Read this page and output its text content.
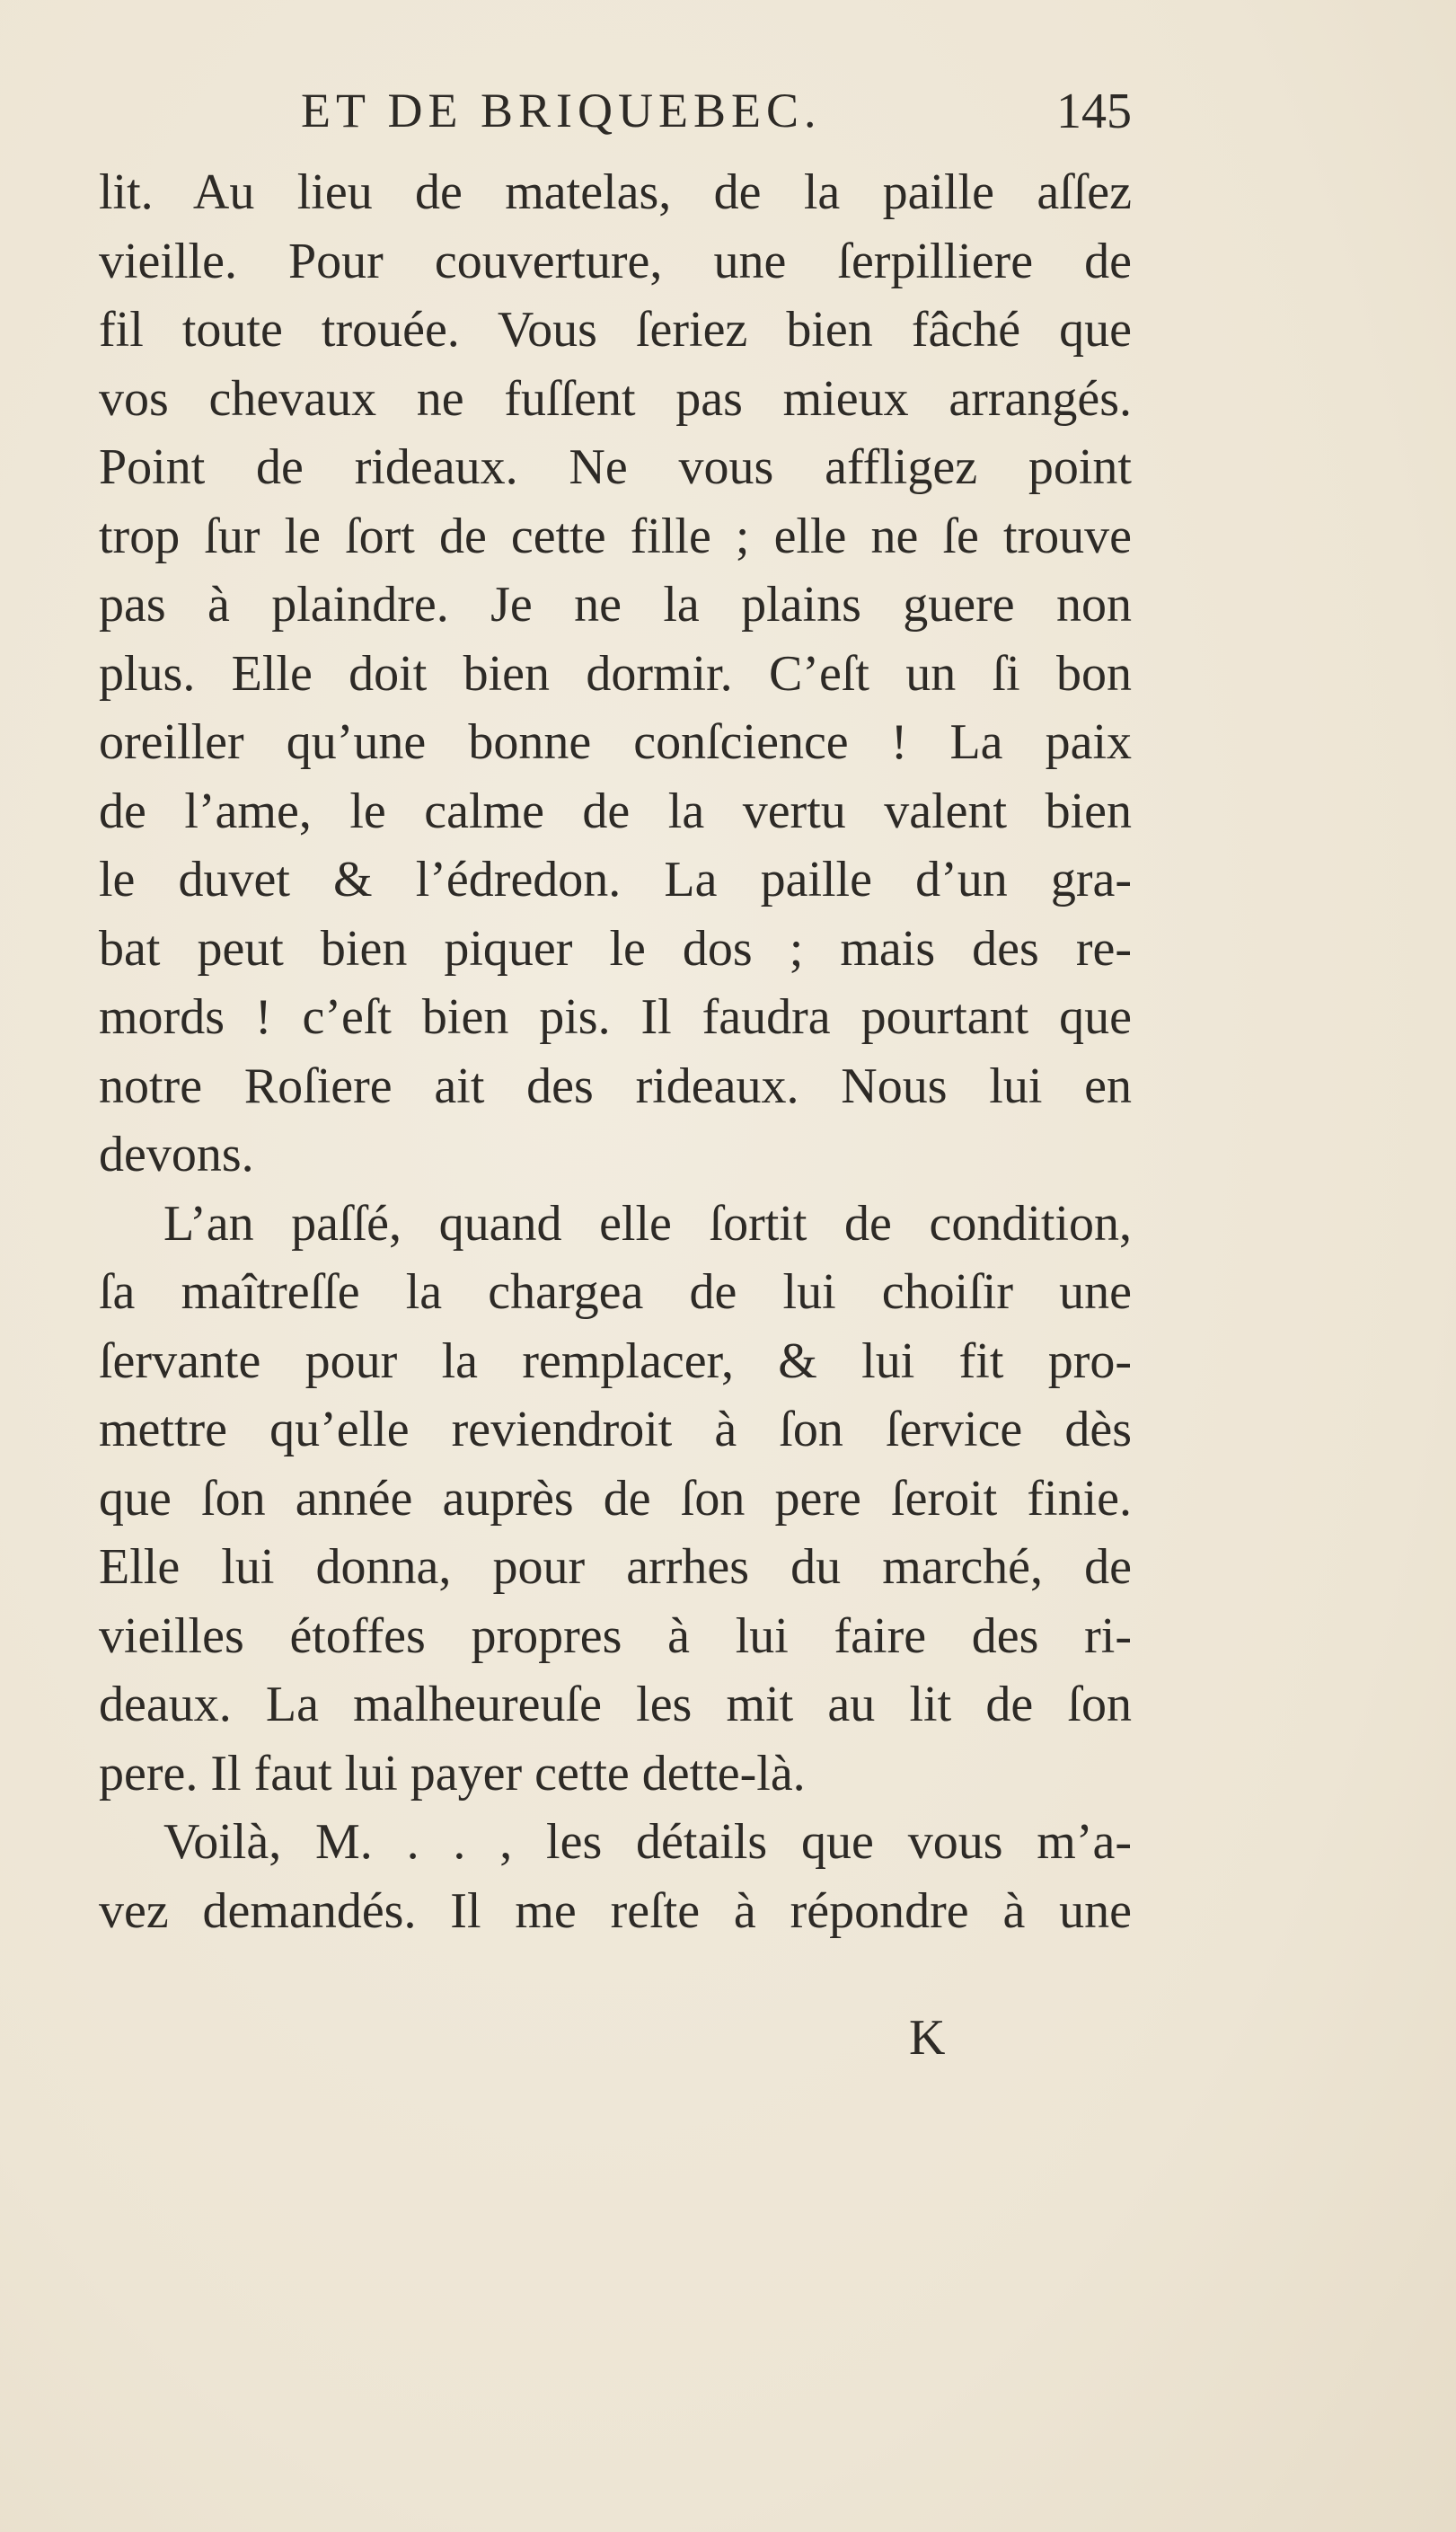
ET DE BRIQUEBEC.	145
lit. Au lieu de matelas, de la paille aſſez
vieille. Pour couverture, une ſerpilliere de
fil toute trouée. Vous ſeriez bien fâché que
vos chevaux ne fuſſent pas mieux arrangés.
Point de rideaux. Ne vous affligez point
trop ſur le ſort de cette fille ; elle ne ſe trouve
pas à plaindre. Je ne la plains guere non
plus. Elle doit bien dormir. C’eſt un ſi bon
oreiller qu’une bonne conſcience ! La paix
de l’ame, le calme de la vertu valent bien
le duvet & l’édredon. La paille d’un gra-
bat peut bien piquer le dos ; mais des re-
mords ! c’eſt bien pis. Il faudra pourtant que
notre Roſiere ait des rideaux. Nous lui en
devons.
L’an paſſé, quand elle ſortit de condition,
ſa maîtreſſe la chargea de lui choiſir une
ſervante pour la remplacer, & lui fit pro-
mettre qu’elle reviendroit à ſon ſervice dès
que ſon année auprès de ſon pere ſeroit finie.
Elle lui donna, pour arrhes du marché, de
vieilles étoffes propres à lui faire des ri-
deaux. La malheureuſe les mit au lit de ſon
pere. Il faut lui payer cette dette-là.
Voilà, M. . . , les détails que vous m’a-
vez demandés. Il me reſte à répondre à une
K
